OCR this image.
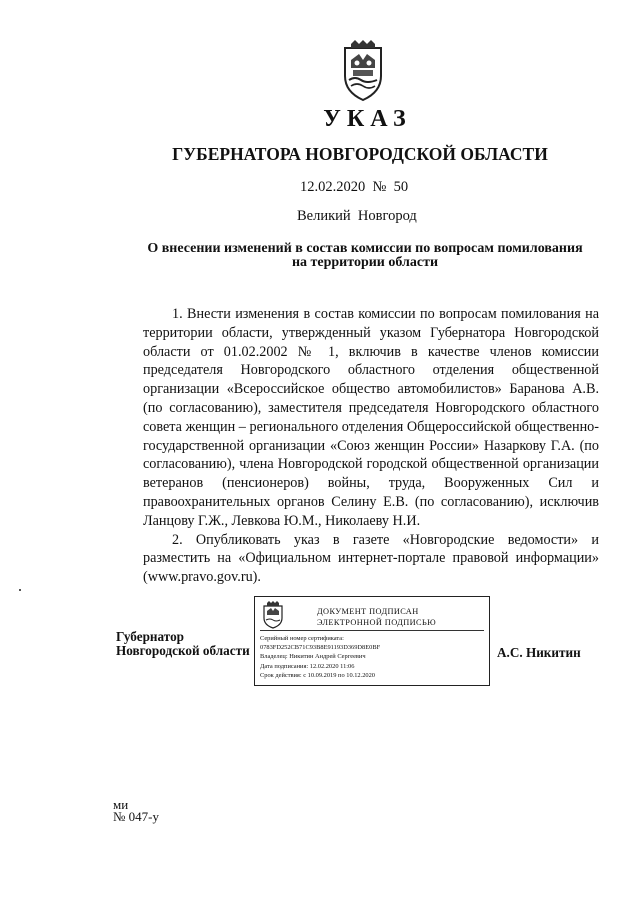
УКАЗ
ГУБЕРНАТОРА НОВГОРОДСКОЙ ОБЛАСТИ
12.02.2020 № 50
Великий  Новгород
О внесении изменений в состав комиссии по вопросам помилования
на территории области

1. Внести изменения в состав комиссии по вопросам помилования на территории области, утвержденный указом Губернатора Новгородской области от 01.02.2002 № 1, включив в качестве членов комиссии председателя Новгородского областного отделения общественной организации «Всероссийское общество автомобилистов» Баранова А.В. (по согласованию), заместителя председателя Новгородского областного совета женщин – регионального отделения Общероссийской общественно-государственной организации «Союз женщин России» Назаркову Г.А. (по согласованию), члена Новгородской городской общественной организации ветеранов (пенсионеров) войны, труда, Вооруженных Сил и правоохранительных органов Селину Е.В. (по согласованию), исключив Ланцову Г.Ж., Левкова Ю.М., Николаеву Н.И.

2. Опубликовать указ в газете «Новгородские ведомости» и разместить на «Официальном интернет-портале правовой информации» (www.pravo.gov.ru).

Губернатор
Новгородской области
ДОКУМЕНТ ПОДПИСАН
ЭЛЕКТРОННОЙ ПОДПИСЬЮ
Серийный номер сертификата:
0783FD252CB71C93B8E91193D369D8E0BF
Владелец: Никитин Андрей Сергеевич
Дата подписания: 12.02.2020 11:06
Срок действия: с 10.09.2019 по 10.12.2020
А.С. Никитин
ми
№ 047-у
